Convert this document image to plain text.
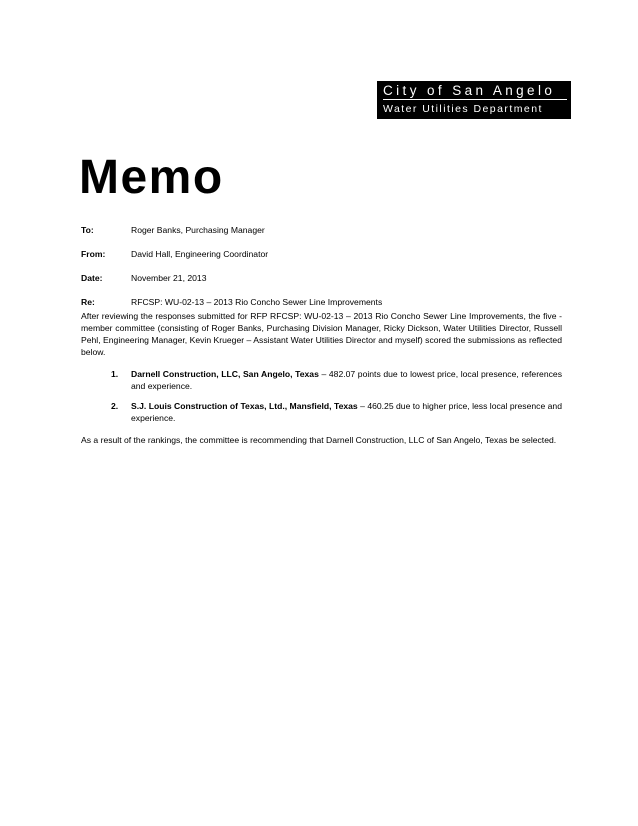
City of San Angelo
Water Utilities Department
Memo
To:	Roger Banks, Purchasing Manager
From:	David Hall, Engineering Coordinator
Date:	November 21, 2013
Re:	RFCSP: WU-02-13 – 2013 Rio Concho Sewer Line Improvements

After reviewing the responses submitted for RFP RFCSP: WU-02-13 – 2013 Rio Concho Sewer Line Improvements, the five -member committee (consisting of Roger Banks, Purchasing Division Manager, Ricky Dickson, Water Utilities Director, Russell Pehl, Engineering Manager, Kevin Krueger – Assistant Water Utilities Director and myself) scored the submissions as reflected below.

1. Darnell Construction, LLC, San Angelo, Texas – 482.07 points due to lowest price, local presence, references and experience.
2. S.J. Louis Construction of Texas, Ltd., Mansfield, Texas – 460.25 due to higher price, less local presence and experience.

As a result of the rankings, the committee is recommending that Darnell Construction, LLC of San Angelo, Texas be selected.
